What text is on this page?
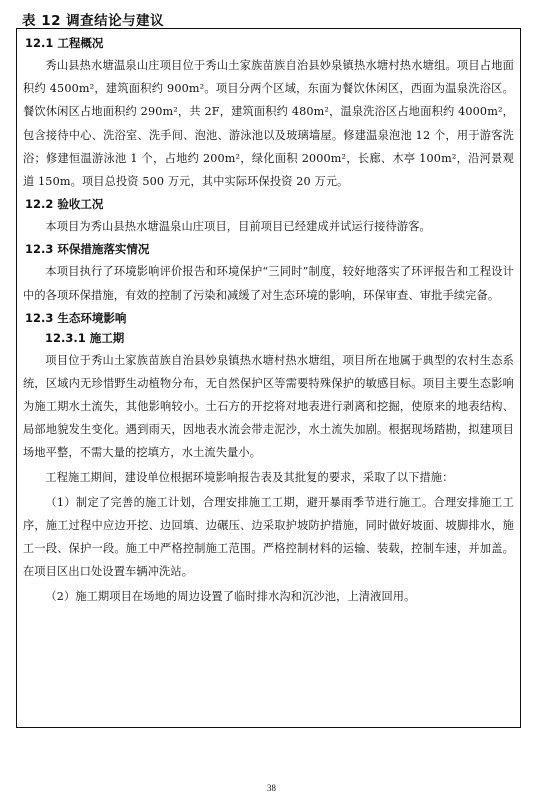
表 12 调查结论与建议
12.1 工程概况

秀山县热水塘温泉山庄项目位于秀山土家族苗族自治县妙泉镇热水塘村热水塘组。项目占地面积约 4500m²，建筑面积约 900m²。项目分两个区域，东面为餐饮休闲区，西面为温泉洗浴区。餐饮休闲区占地面积约 290m²，共 2F，建筑面积约 480m²，温泉洗浴区占地面积约 4000m²，包含接待中心、洗浴室、洗手间、泡池、游泳池以及玻璃墙屋。修建温泉泡池 12 个，用于游客洗浴；修建恒温游泳池 1 个，占地约 200m²，绿化面积 2000m²，长廊、木亭 100m²，沿河景观道 150m。项目总投资 500 万元，其中实际环保投资 20 万元。

12.2 验收工况

本项目为秀山县热水塘温泉山庄项目，目前项目已经建成并试运行接待游客。

12.3 环保措施落实情况

本项目执行了环境影响评价报告和环境保护“三同时”制度，较好地落实了环评报告和工程设计中的各项环保措施，有效的控制了污染和减缓了对生态环境的影响，环保审查、审批手续完备。

12.3 生态环境影响
12.3.1 施工期

项目位于秀山土家族苗族自治县妙泉镇热水塘村热水塘组，项目所在地属于典型的农村生态系统，区域内无珍惜野生动植物分布，无自然保护区等需要特殊保护的敏感目标。项目主要生态影响为施工期水土流失，其他影响较小。土石方的开挖将对地表进行剥离和挖掘，使原来的地表结构、局部地貌发生变化。遇到雨天，因地表水流会带走泥沙，水土流失加剧。根据现场踏勘，拟建项目场地平整，不需大量的挖填方，水土流失量小。

工程施工期间，建设单位根据环境影响报告表及其批复的要求，采取了以下措施：

（1）制定了完善的施工计划，合理安排施工工期，避开暴雨季节进行施工。合理安排施工工序，施工过程中应边开挖、边回填、边碾压、边采取护坡防护措施，同时做好坡面、坡脚排水，施工一段、保护一段。施工中严格控制施工范围。严格控制材料的运输、装载，控制车速，并加盖。在项目区出口处设置车辆冲洗站。

（2）施工期项目在场地的周边设置了临时排水沟和沉沙池，上清液回用。

38
